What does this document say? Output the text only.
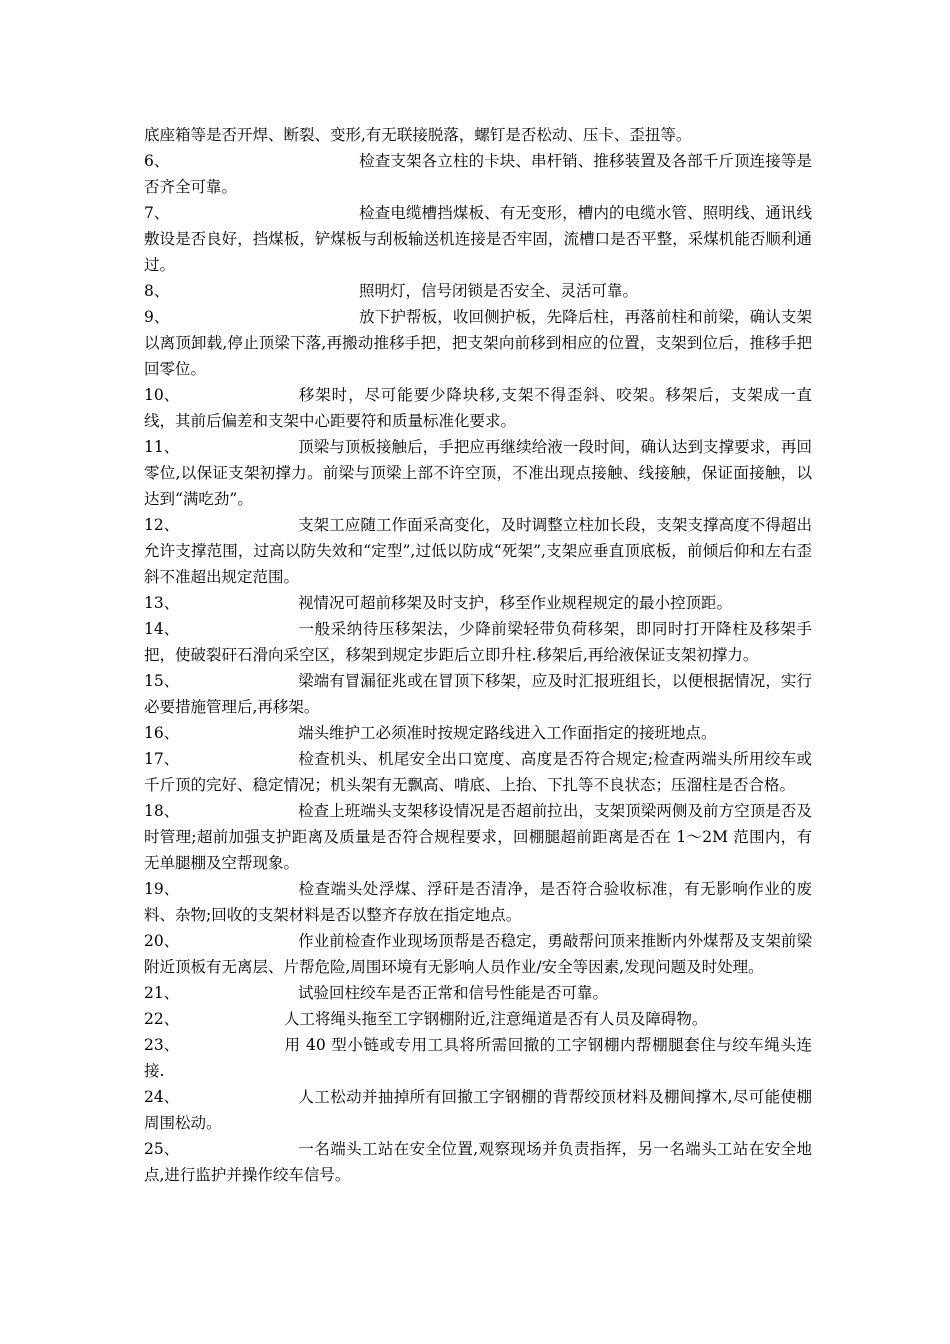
底座箱等是否开焊、断裂、变形,有无联接脱落，螺钉是否松动、压卡、歪扭等。

6、	检查支架各立柱的卡块、串杆销、推移装置及各部千斤顶连接等是否齐全可靠。

7、	检查电缆槽挡煤板、有无变形，槽内的电缆水管、照明线、通讯线敷设是否良好，挡煤板，铲煤板与刮板输送机连接是否牢固，流槽口是否平整，采煤机能否顺利通过。

8、	照明灯，信号闭锁是否安全、灵活可靠。

9、	放下护帮板，收回侧护板，先降后柱，再落前柱和前梁，确认支架以离顶卸载,停止顶梁下落,再搬动推移手把，把支架向前移到相应的位置，支架到位后，推移手把回零位。

10、	移架时，尽可能要少降块移,支架不得歪斜、咬架。移架后，支架成一直线，其前后偏差和支架中心距要符和质量标准化要求。

11、	顶梁与顶板接触后，手把应再继续给液一段时间，确认达到支撑要求，再回零位,以保证支架初撑力。前梁与顶梁上部不许空顶，不准出现点接触、线接触，保证面接触，以达到“满吃劲”。

12、	支架工应随工作面采高变化，及时调整立柱加长段，支架支撑高度不得超出允许支撑范围，过高以防失效和“定型”,过低以防成“死架”,支架应垂直顶底板，前倾后仰和左右歪斜不准超出规定范围。

13、	视情况可超前移架及时支护，移至作业规程规定的最小控顶距。

14、	一般采纳待压移架法，少降前梁轻带负荷移架，即同时打开降柱及移架手把，使破裂矸石滑向采空区，移架到规定步距后立即升柱.移架后,再给液保证支架初撑力。

15、	梁端有冒漏征兆或在冒顶下移架，应及时汇报班组长，以便根据情况，实行必要措施管理后,再移架。

16、	端头维护工必须准时按规定路线进入工作面指定的接班地点。

17、	检查机头、机尾安全出口宽度、高度是否符合规定;检查两端头所用绞车或千斤顶的完好、稳定情况；机头架有无飘高、啃底、上抬、下扎等不良状态；压溜柱是否合格。

18、	检查上班端头支架移设情况是否超前拉出，支架顶梁两侧及前方空顶是否及时管理;超前加强支护距离及质量是否符合规程要求，回棚腿超前距离是否在 1～2M 范围内，有无单腿棚及空帮现象。

19、	检查端头处浮煤、浮矸是否清净，是否符合验收标准，有无影响作业的废料、杂物;回收的支架材料是否以整齐存放在指定地点。

20、	作业前检查作业现场顶帮是否稳定，勇敲帮问顶来推断内外煤帮及支架前梁附近顶板有无离层、片帮危险,周围环境有无影响人员作业/安全等因素,发现问题及时处理。

21、	试验回柱绞车是否正常和信号性能是否可靠。

22、	人工将绳头拖至工字钢棚附近,注意绳道是否有人员及障碍物。

23、	用 40 型小链或专用工具将所需回撤的工字钢棚内帮棚腿套住与绞车绳头连接.

24、	人工松动并抽掉所有回撤工字钢棚的背帮绞顶材料及棚间撑木,尽可能使棚周围松动。

25、	一名端头工站在安全位置,观察现场并负责指挥，另一名端头工站在安全地点,进行监护并操作绞车信号。
